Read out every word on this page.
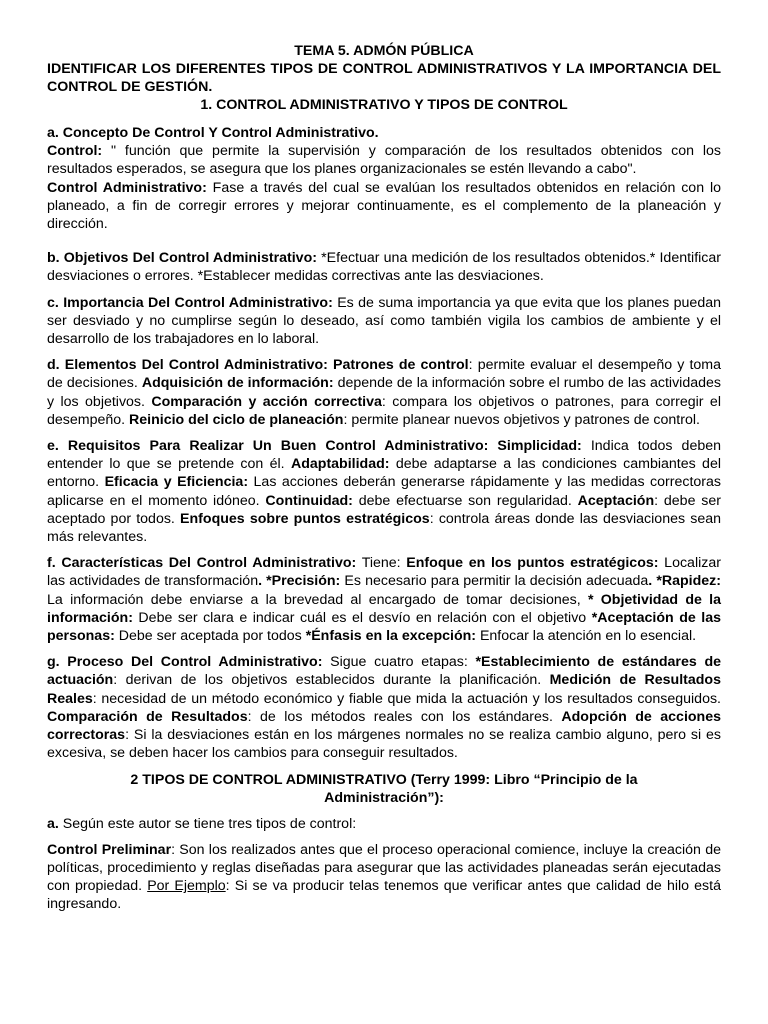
TEMA 5. ADMÓN PÚBLICA
IDENTIFICAR LOS DIFERENTES TIPOS DE CONTROL ADMINISTRATIVOS Y LA IMPORTANCIA DEL CONTROL DE GESTIÓN.
1. CONTROL ADMINISTRATIVO Y TIPOS DE CONTROL

a. Concepto De Control Y Control Administrativo.

Control: " función que permite la supervisión y comparación de los resultados obtenidos con los resultados esperados, se asegura que los planes organizacionales se estén llevando a cabo".

Control Administrativo: Fase a través del cual se evalúan los resultados obtenidos en relación con lo planeado, a fin de corregir errores y mejorar continuamente, es el complemento de la planeación y dirección.

b. Objetivos Del Control Administrativo: *Efectuar una medición de los resultados obtenidos.* Identificar desviaciones o errores. *Establecer medidas correctivas ante las desviaciones.

c. Importancia Del Control Administrativo: Es de suma importancia ya que evita que los planes puedan ser desviado y no cumplirse según lo deseado, así como también vigila los cambios de ambiente y el desarrollo de los trabajadores en lo laboral.

d. Elementos Del Control Administrativo: Patrones de control: permite evaluar el desempeño y toma de decisiones. Adquisición de información: depende de la información sobre el rumbo de las actividades y los objetivos. Comparación y acción correctiva: compara los objetivos o patrones, para corregir el desempeño. Reinicio del ciclo de planeación: permite planear nuevos objetivos y patrones de control.

e. Requisitos Para Realizar Un Buen Control Administrativo: Simplicidad: Indica todos deben entender lo que se pretende con él. Adaptabilidad: debe adaptarse a las condiciones cambiantes del entorno. Eficacia y Eficiencia: Las acciones deberán generarse rápidamente y las medidas correctoras aplicarse en el momento idóneo. Continuidad: debe efectuarse son regularidad. Aceptación: debe ser aceptado por todos. Enfoques sobre puntos estratégicos: controla áreas donde las desviaciones sean más relevantes.

f. Características Del Control Administrativo: Tiene: Enfoque en los puntos estratégicos: Localizar las actividades de transformación. *Precisión: Es necesario para permitir la decisión adecuada. *Rapidez: La información debe enviarse a la brevedad al encargado de tomar decisiones, * Objetividad de la información: Debe ser clara e indicar cuál es el desvío en relación con el objetivo *Aceptación de las personas: Debe ser aceptada por todos *Énfasis en la excepción: Enfocar la atención en lo esencial.

g. Proceso Del Control Administrativo: Sigue cuatro etapas: *Establecimiento de estándares de actuación: derivan de los objetivos establecidos durante la planificación. Medición de Resultados Reales: necesidad de un método económico y fiable que mida la actuación y los resultados conseguidos. Comparación de Resultados: de los métodos reales con los estándares. Adopción de acciones correctoras: Si la desviaciones están en los márgenes normales no se realiza cambio alguno, pero si es excesiva, se deben hacer los cambios para conseguir resultados.

2 TIPOS DE CONTROL ADMINISTRATIVO (Terry 1999: Libro “Principio de la Administración”):

a. Según este autor se tiene tres tipos de control:

Control Preliminar: Son los realizados antes que el proceso operacional comience, incluye la creación de políticas, procedimiento y reglas diseñadas para asegurar que las actividades planeadas serán ejecutadas con propiedad. Por Ejemplo: Si se va producir telas tenemos que verificar antes que calidad de hilo está ingresando.
